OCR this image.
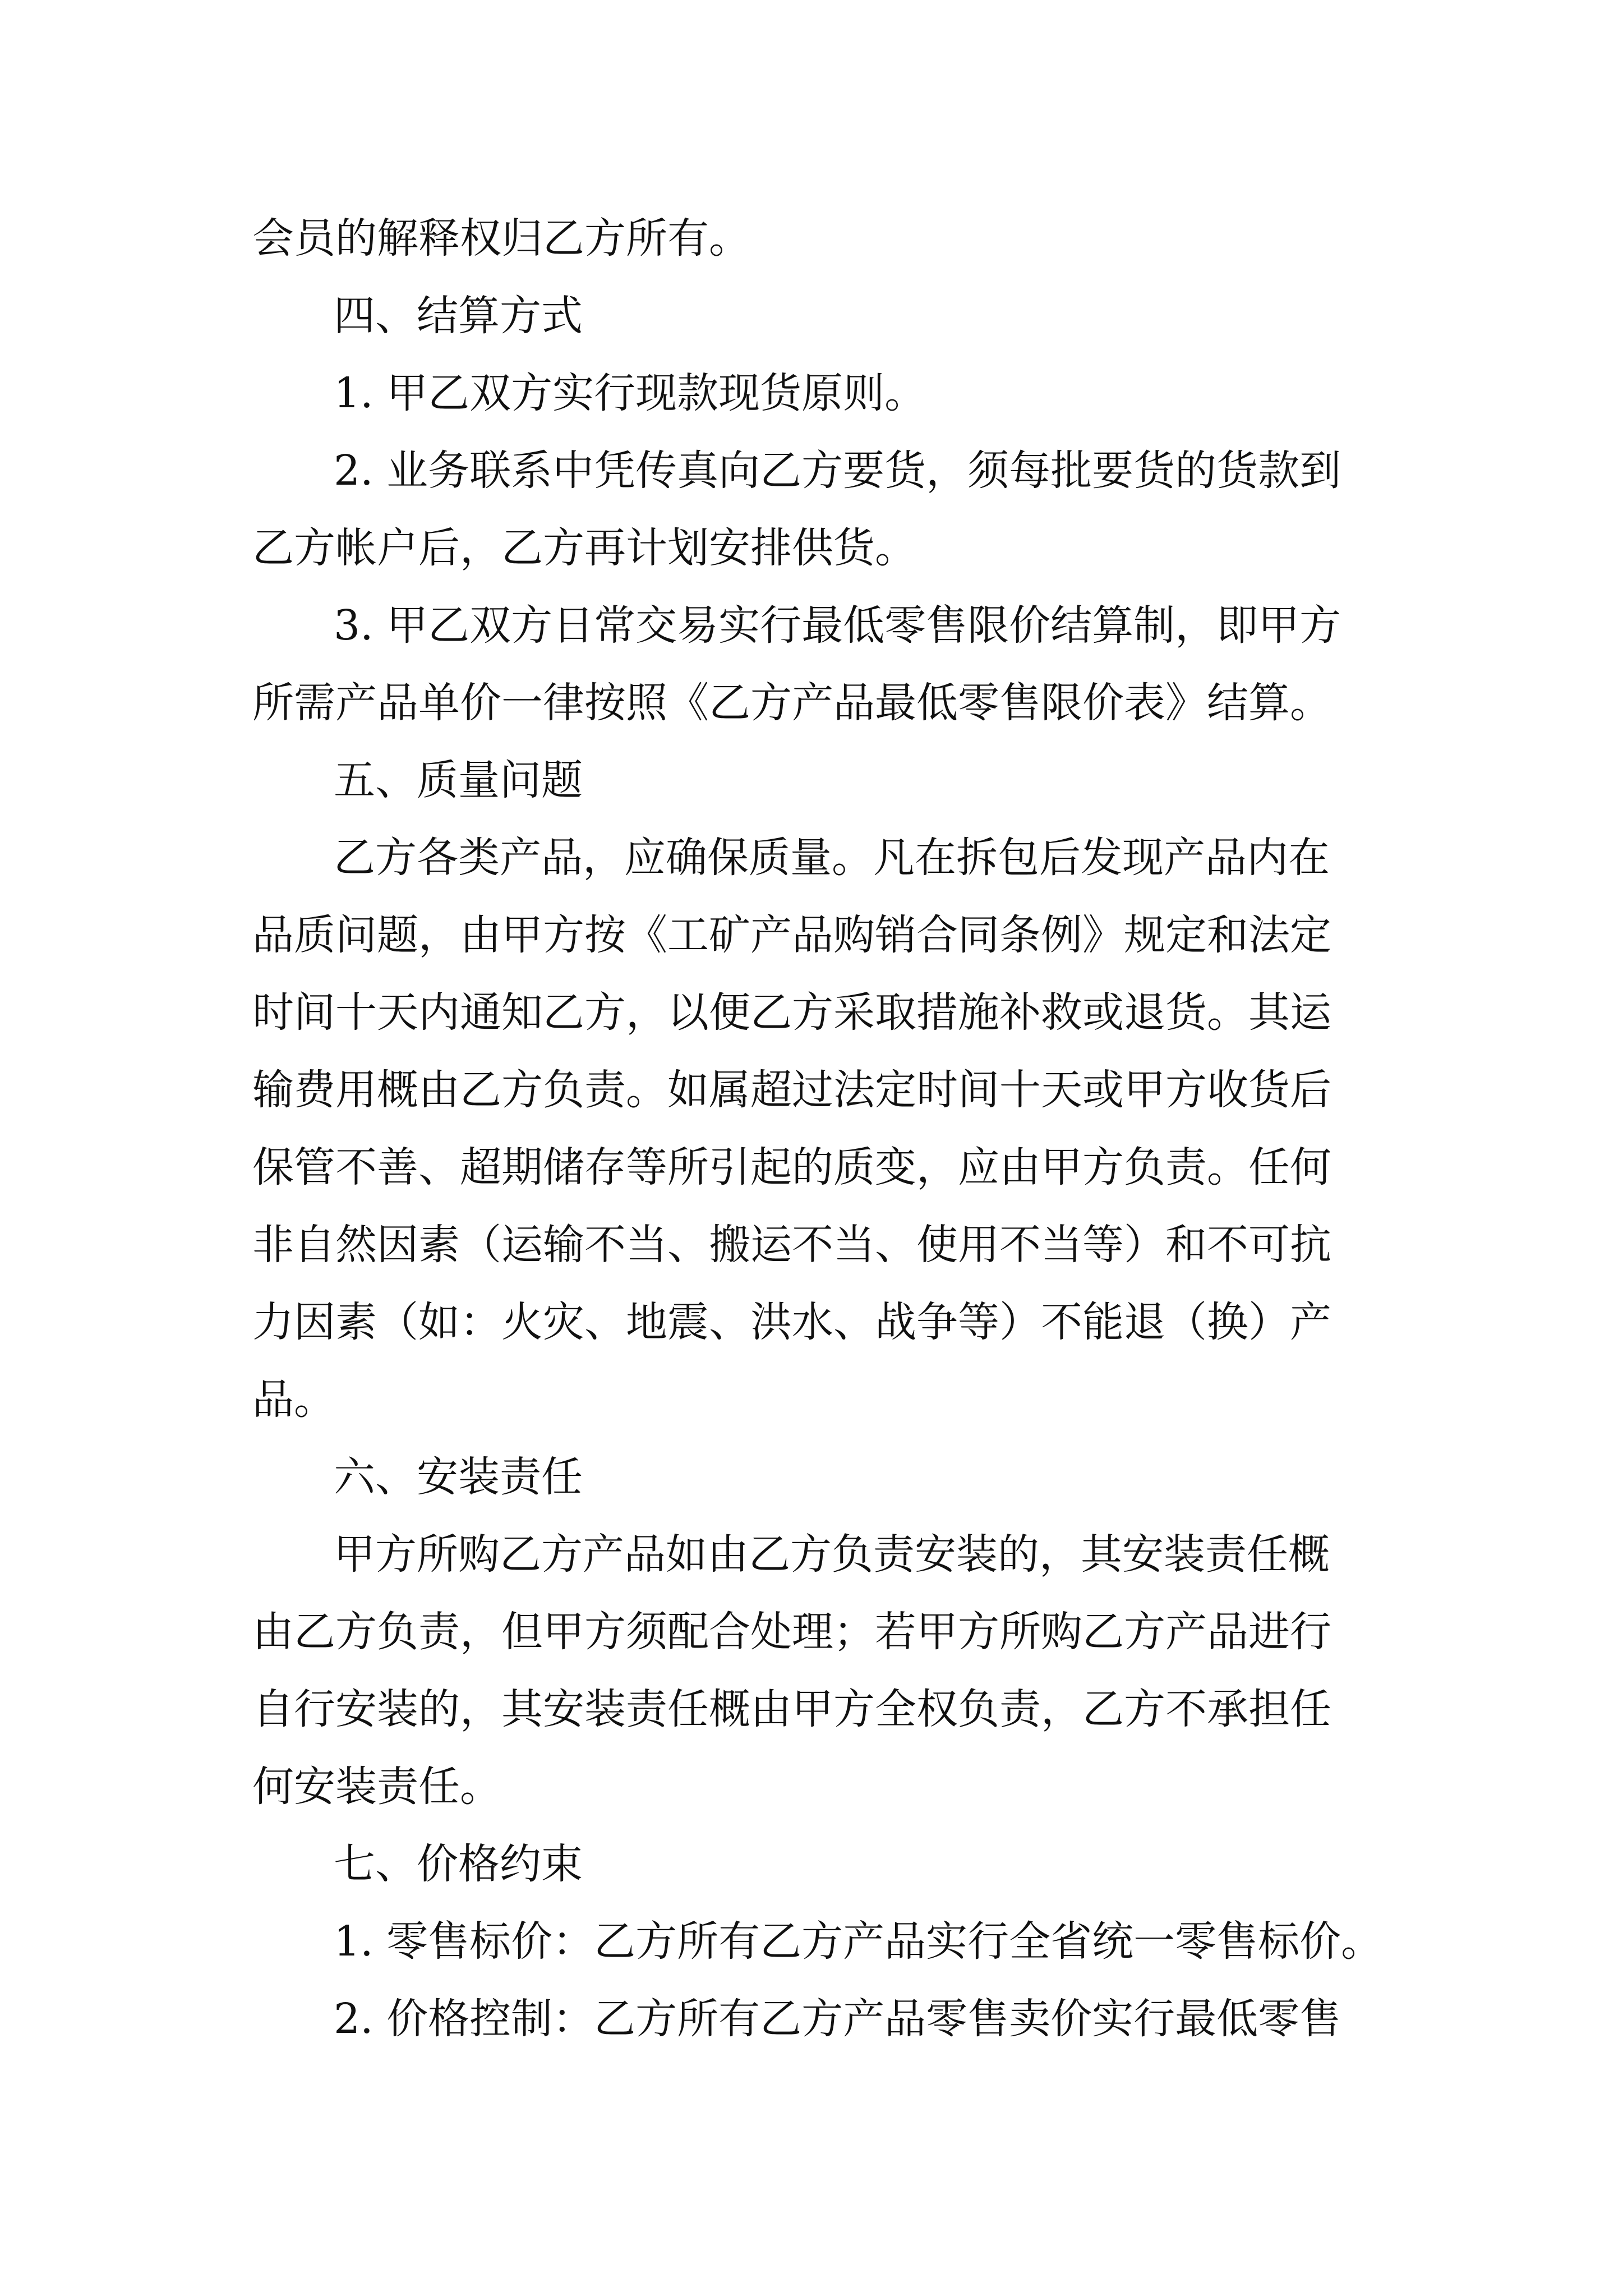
会员的解释权归乙方所有。
四、结算方式
1. 甲乙双方实行现款现货原则。
2. 业务联系中凭传真向乙方要货，须每批要货的货款到
乙方帐户后，乙方再计划安排供货。
3. 甲乙双方日常交易实行最低零售限价结算制，即甲方
所需产品单价一律按照《乙方产品最低零售限价表》结算。
五、质量问题
乙方各类产品，应确保质量。凡在拆包后发现产品内在
品质问题，由甲方按《工矿产品购销合同条例》规定和法定
时间十天内通知乙方，以便乙方采取措施补救或退货。其运
输费用概由乙方负责。如属超过法定时间十天或甲方收货后
保管不善、超期储存等所引起的质变，应由甲方负责。任何
非自然因素（运输不当、搬运不当、使用不当等）和不可抗
力因素（如：火灾、地震、洪水、战争等）不能退（换）产
品。
六、安装责任
甲方所购乙方产品如由乙方负责安装的，其安装责任概
由乙方负责，但甲方须配合处理；若甲方所购乙方产品进行
自行安装的，其安装责任概由甲方全权负责，乙方不承担任
何安装责任。
七、价格约束
1. 零售标价：乙方所有乙方产品实行全省统一零售标价。
2. 价格控制：乙方所有乙方产品零售卖价实行最低零售
